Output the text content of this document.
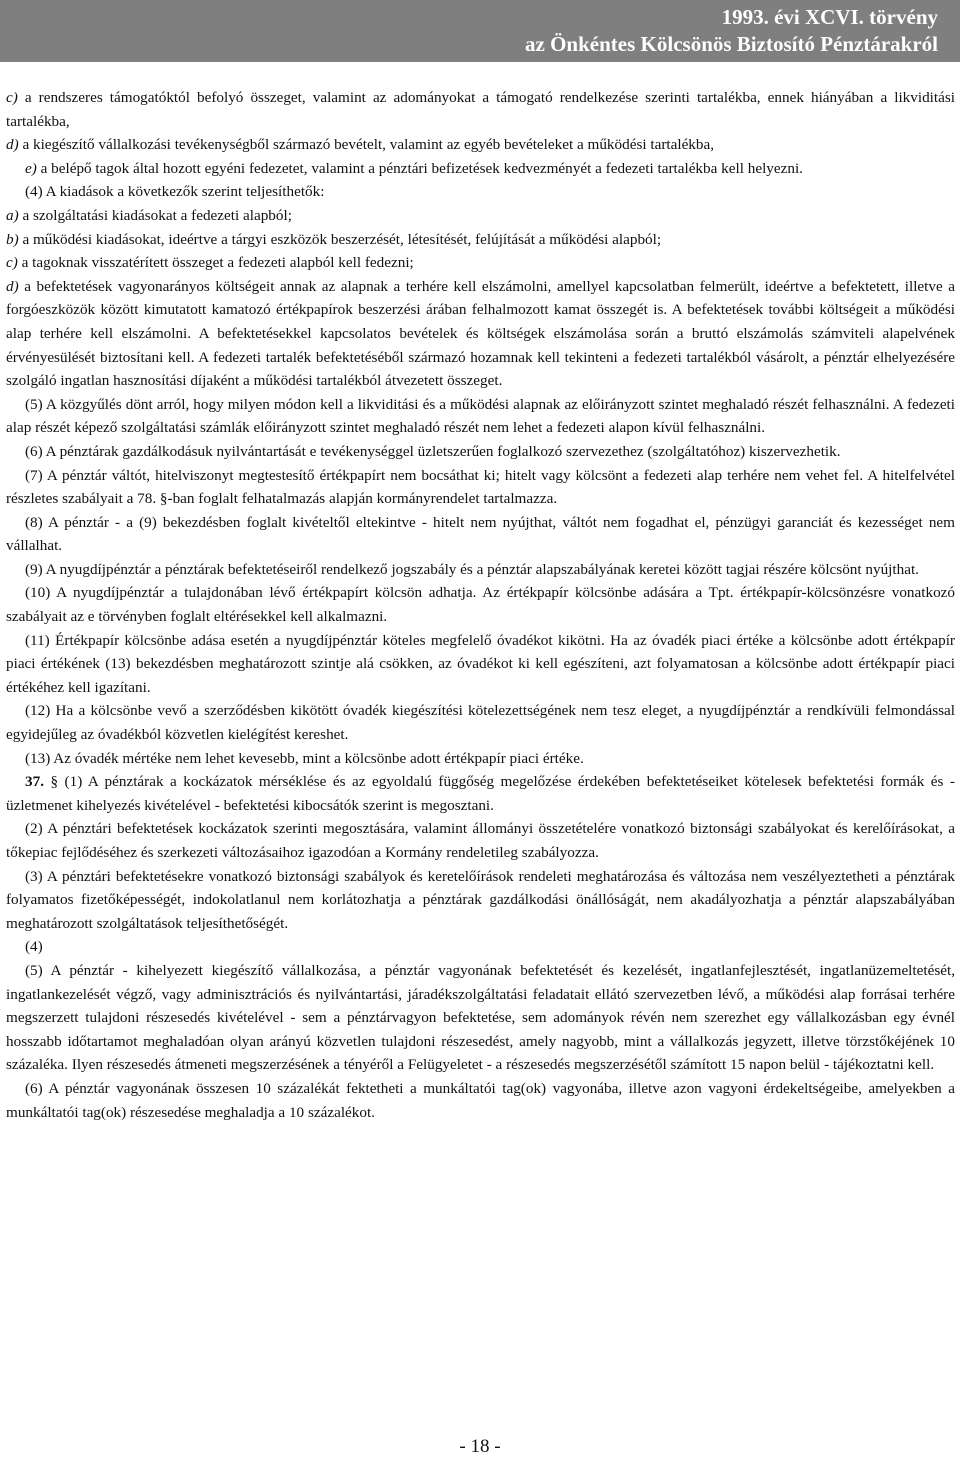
1993. évi XCVI. törvény
az Önkéntes Kölcsönös Biztosító Pénztárakról

c) a rendszeres támogatóktól befolyó összeget, valamint az adományokat a támogató rendelkezése szerinti tartalékba, ennek hiányában a likviditási tartalékba,

d) a kiegészítő vállalkozási tevékenységből származó bevételt, valamint az egyéb bevételeket a működési tartalékba,

e) a belépő tagok által hozott egyéni fedezetet, valamint a pénztári befizetések kedvezményét a fedezeti tartalékba kell helyezni.

(4) A kiadások a következők szerint teljesíthetők:

a) a szolgáltatási kiadásokat a fedezeti alapból;

b) a működési kiadásokat, ideértve a tárgyi eszközök beszerzését, létesítését, felújítását a működési alapból;

c) a tagoknak visszatérített összeget a fedezeti alapból kell fedezni;

d) a befektetések vagyonarányos költségeit annak az alapnak a terhére kell elszámolni, amellyel kapcsolatban felmerült, ideértve a befektetett, illetve a forgóeszközök között kimutatott kamatozó értékpapírok beszerzési árában felhalmozott kamat összegét is. A befektetések további költségeit a működési alap terhére kell elszámolni. A befektetésekkel kapcsolatos bevételek és költségek elszámolása során a bruttó elszámolás számviteli alapelvének érvényesülését biztosítani kell. A fedezeti tartalék befektetéséből származó hozamnak kell tekinteni a fedezeti tartalékból vásárolt, a pénztár elhelyezésére szolgáló ingatlan hasznosítási díjaként a működési tartalékból átvezetett összeget.

(5) A közgyűlés dönt arról, hogy milyen módon kell a likviditási és a működési alapnak az előirányzott szintet meghaladó részét felhasználni. A fedezeti alap részét képező szolgáltatási számlák előirányzott szintet meghaladó részét nem lehet a fedezeti alapon kívül felhasználni.

(6) A pénztárak gazdálkodásuk nyilvántartását e tevékenységgel üzletszerűen foglalkozó szervezethez (szolgáltatóhoz) kiszervezhetik.

(7) A pénztár váltót, hitelviszonyt megtestesítő értékpapírt nem bocsáthat ki; hitelt vagy kölcsönt a fedezeti alap terhére nem vehet fel. A hitelfelvétel részletes szabályait a 78. §-ban foglalt felhatalmazás alapján kormányrendelet tartalmazza.

(8) A pénztár - a (9) bekezdésben foglalt kivételtől eltekintve - hitelt nem nyújthat, váltót nem fogadhat el, pénzügyi garanciát és kezességet nem vállalhat.

(9) A nyugdíjpénztár a pénztárak befektetéseiről rendelkező jogszabály és a pénztár alapszabályának keretei között tagjai részére kölcsönt nyújthat.

(10) A nyugdíjpénztár a tulajdonában lévő értékpapírt kölcsön adhatja. Az értékpapír kölcsönbe adására a Tpt. értékpapír-kölcsönzésre vonatkozó szabályait az e törvényben foglalt eltérésekkel kell alkalmazni.

(11) Értékpapír kölcsönbe adása esetén a nyugdíjpénztár köteles megfelelő óvadékot kikötni. Ha az óvadék piaci értéke a kölcsönbe adott értékpapír piaci értékének (13) bekezdésben meghatározott szintje alá csökken, az óvadékot ki kell egészíteni, azt folyamatosan a kölcsönbe adott értékpapír piaci értékéhez kell igazítani.

(12) Ha a kölcsönbe vevő a szerződésben kikötött óvadék kiegészítési kötelezettségének nem tesz eleget, a nyugdíjpénztár a rendkívüli felmondással egyidejűleg az óvadékból közvetlen kielégítést kereshet.

(13) Az óvadék mértéke nem lehet kevesebb, mint a kölcsönbe adott értékpapír piaci értéke.

37. § (1) A pénztárak a kockázatok mérséklése és az egyoldalú függőség megelőzése érdekében befektetéseiket kötelesek befektetési formák és - üzletmenet kihelyezés kivételével - befektetési kibocsátók szerint is megosztani.

(2) A pénztári befektetések kockázatok szerinti megosztására, valamint állományi összetételére vonatkozó biztonsági szabályokat és kerelőírásokat, a tőkepiac fejlődéséhez és szerkezeti változásaihoz igazodóan a Kormány rendeletileg szabályozza.

(3) A pénztári befektetésekre vonatkozó biztonsági szabályok és keretelőírások rendeleti meghatározása és változása nem veszélyeztetheti a pénztárak folyamatos fizetőképességét, indokolatlanul nem korlátozhatja a pénztárak gazdálkodási önállóságát, nem akadályozhatja a pénztár alapszabályában meghatározott szolgáltatások teljesíthetőségét.

(4)

(5) A pénztár - kihelyezett kiegészítő vállalkozása, a pénztár vagyonának befektetését és kezelését, ingatlanfejlesztését, ingatlanüzemeltetését, ingatlankezelését végző, vagy adminisztrációs és nyilvántartási, járadékszolgáltatási feladatait ellátó szervezetben lévő, a működési alap forrásai terhére megszerzett tulajdoni részesedés kivételével - sem a pénztárvagyon befektetése, sem adományok révén nem szerezhet egy vállalkozásban egy évnél hosszabb időtartamot meghaladóan olyan arányú közvetlen tulajdoni részesedést, amely nagyobb, mint a vállalkozás jegyzett, illetve törzstőkéjének 10 százaléka. Ilyen részesedés átmeneti megszerzésének a tényéről a Felügyeletet - a részesedés megszerzésétől számított 15 napon belül - tájékoztatni kell.

(6) A pénztár vagyonának összesen 10 százalékát fektetheti a munkáltatói tag(ok) vagyonába, illetve azon vagyoni érdekeltségeibe, amelyekben a munkáltatói tag(ok) részesedése meghaladja a 10 százalékot.

- 18 -
